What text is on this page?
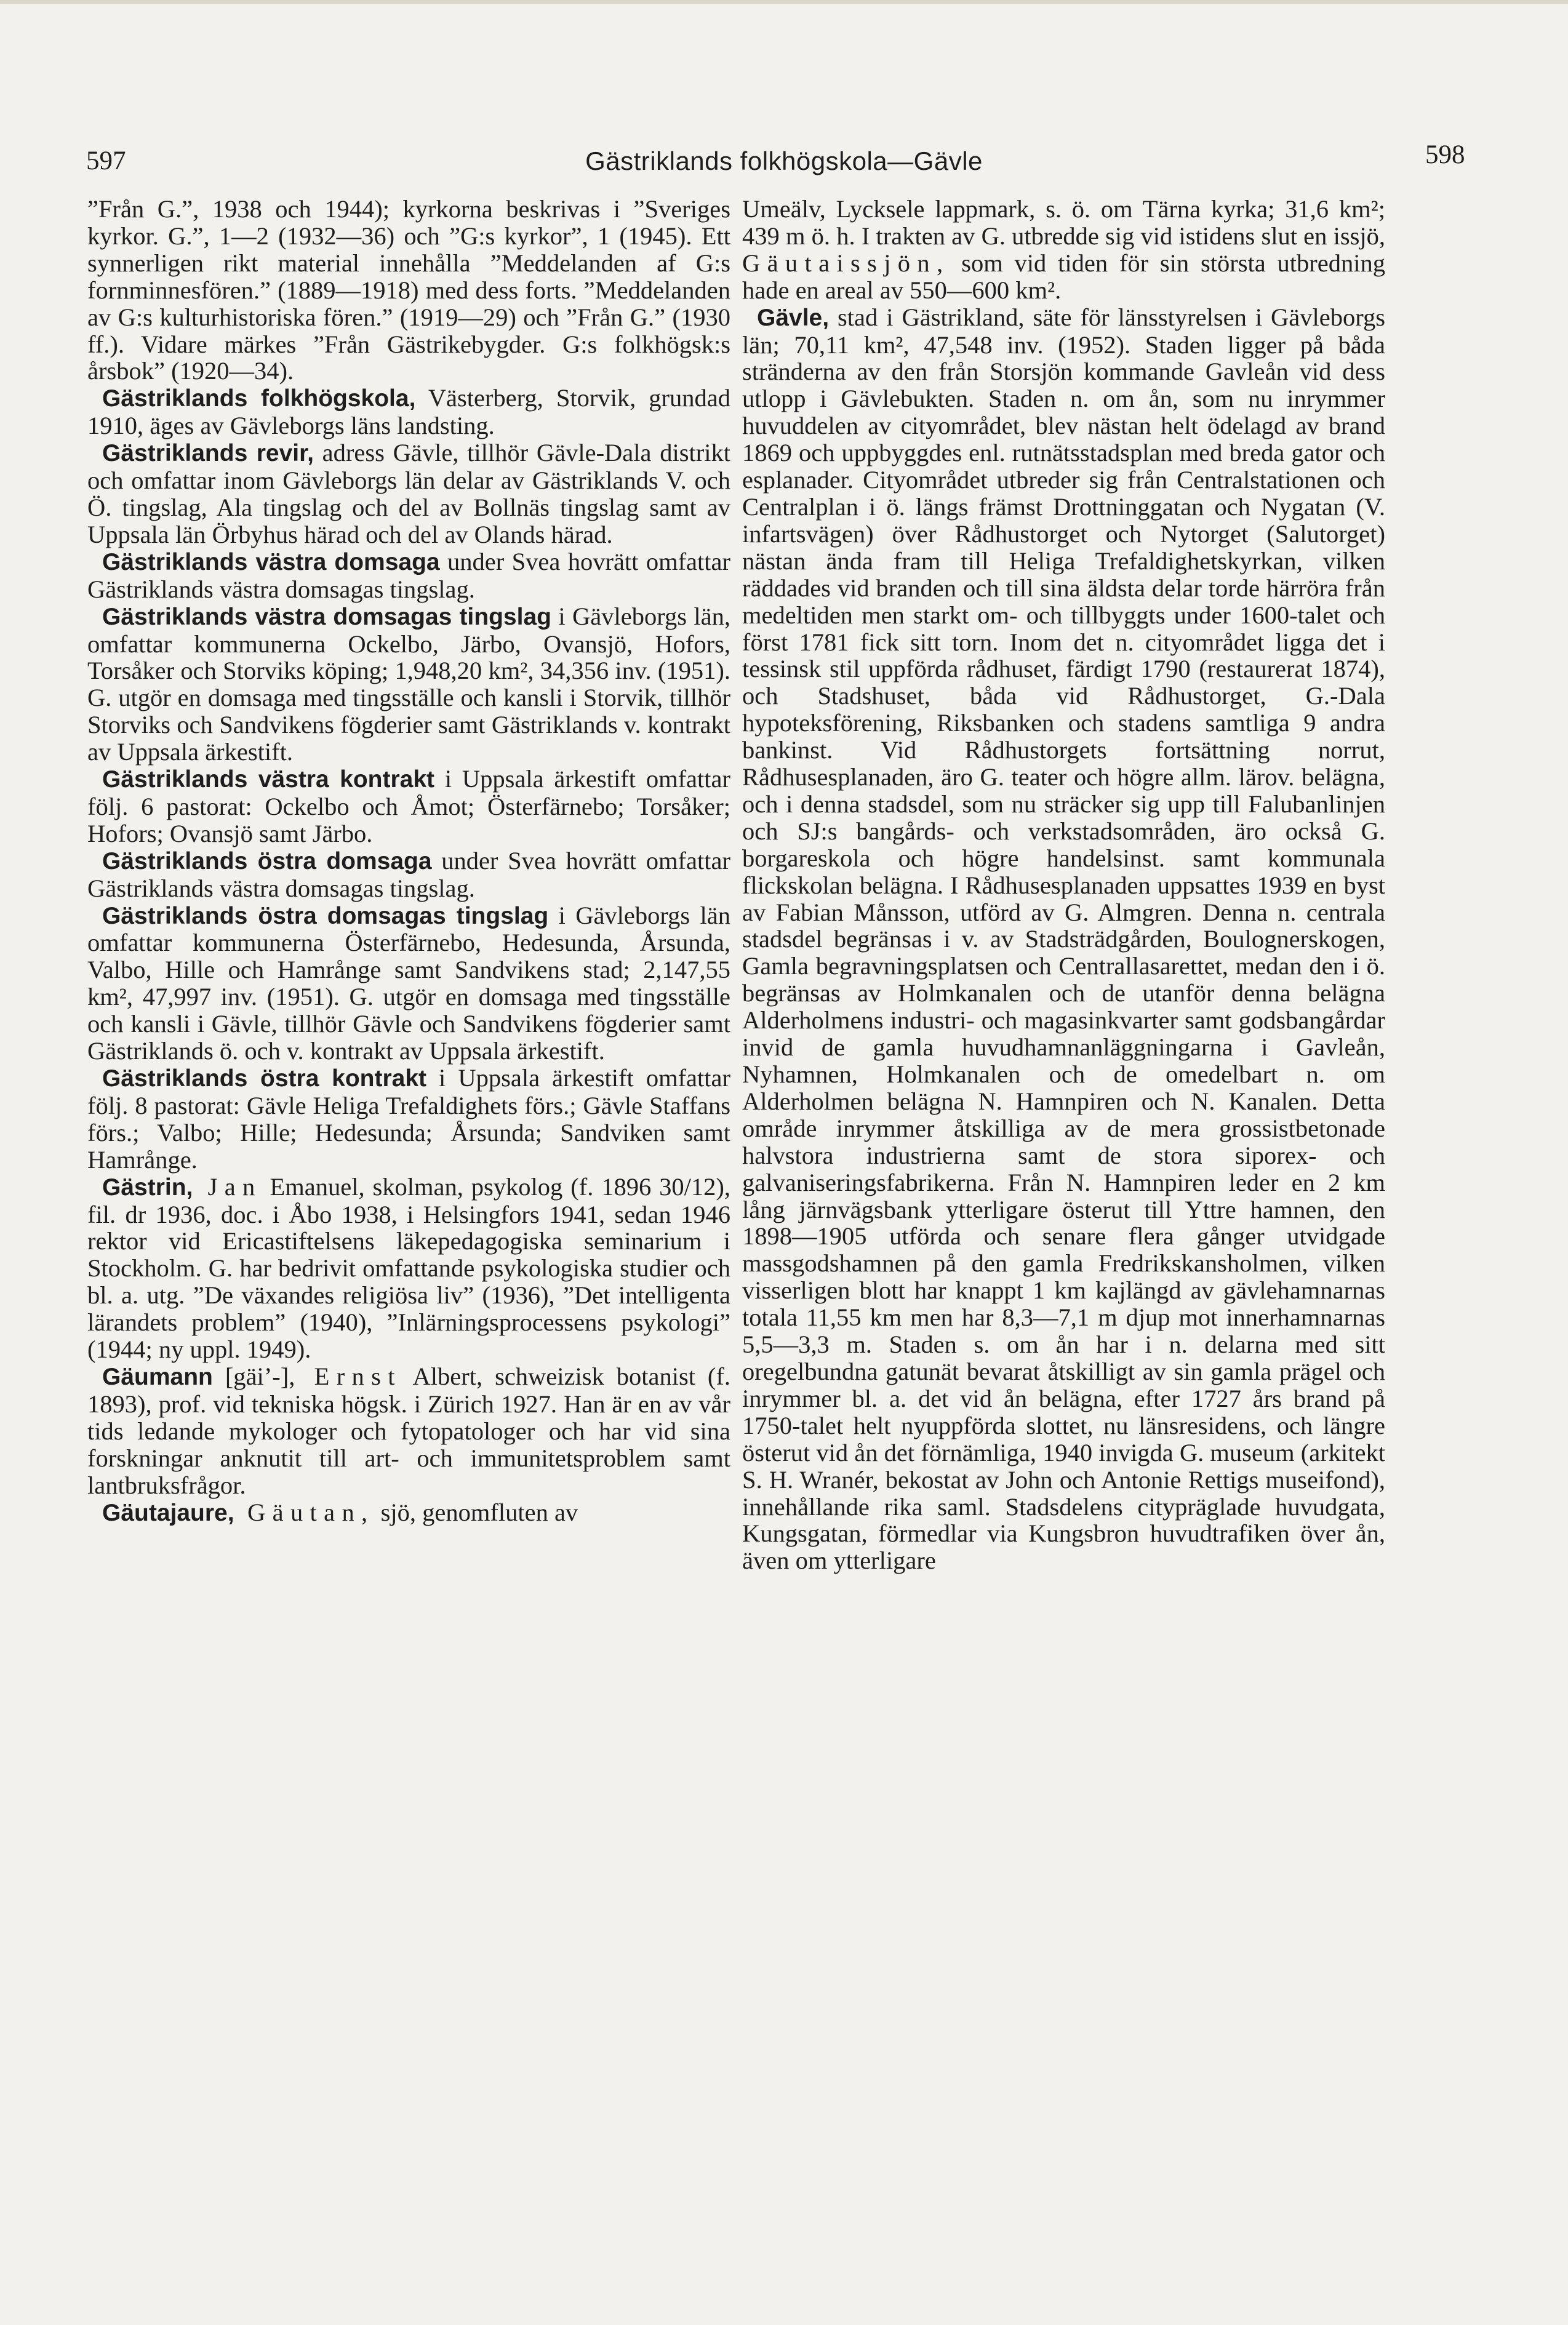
597	Gästriklands folkhögskola—Gävle	598

”Från G.”, 1938 och 1944); kyrkorna beskrivas i ”Sveriges kyrkor. G.”, 1—2 (1932—36) och ”G:s kyrkor”, 1 (1945). Ett synnerligen rikt material innehålla ”Meddelanden af G:s fornminnesfören.” (1889—1918) med dess forts. ”Meddelanden av G:s kulturhistoriska fören.” (1919—29) och ”Från G.” (1930 ff.). Vidare märkes ”Från Gästrikebygder. G:s folkhögsk:s årsbok” (1920—34).

Gästriklands folkhögskola, Västerberg, Storvik, grundad 1910, äges av Gävleborgs läns landsting.

Gästriklands revir, adress Gävle, tillhör Gävle-Dala distrikt och omfattar inom Gävleborgs län delar av Gästriklands V. och Ö. tingslag, Ala tingslag och del av Bollnäs tingslag samt av Uppsala län Örbyhus härad och del av Olands härad.

Gästriklands västra domsaga under Svea hovrätt omfattar Gästriklands västra domsagas tingslag.

Gästriklands västra domsagas tingslag i Gävleborgs län, omfattar kommunerna Ockelbo, Järbo, Ovansjö, Hofors, Torsåker och Storviks köping; 1,948,20 km², 34,356 inv. (1951). G. utgör en domsaga med tingsställe och kansli i Storvik, tillhör Storviks och Sandvikens fögderier samt Gästriklands v. kontrakt av Uppsala ärkestift.

Gästriklands västra kontrakt i Uppsala ärkestift omfattar följ. 6 pastorat: Ockelbo och Åmot; Österfärnebo; Torsåker; Hofors; Ovansjö samt Järbo.

Gästriklands östra domsaga under Svea hovrätt omfattar Gästriklands västra domsagas tingslag.

Gästriklands östra domsagas tingslag i Gävleborgs län omfattar kommunerna Österfärnebo, Hedesunda, Årsunda, Valbo, Hille och Hamrånge samt Sandvikens stad; 2,147,55 km², 47,997 inv. (1951). G. utgör en domsaga med tingsställe och kansli i Gävle, tillhör Gävle och Sandvikens fögderier samt Gästriklands ö. och v. kontrakt av Uppsala ärkestift.

Gästriklands östra kontrakt i Uppsala ärkestift omfattar följ. 8 pastorat: Gävle Heliga Trefaldighets förs.; Gävle Staffans förs.; Valbo; Hille; Hedesunda; Årsunda; Sandviken samt Hamrånge.

Gästrin, Jan Emanuel, skolman, psykolog (f. 1896 30/12), fil. dr 1936, doc. i Åbo 1938, i Helsingfors 1941, sedan 1946 rektor vid Ericastiftelsens läkepedagogiska seminarium i Stockholm. G. har bedrivit omfattande psykologiska studier och bl. a. utg. ”De växandes religiösa liv” (1936), ”Det intelligenta lärandets problem” (1940), ”Inlärningsprocessens psykologi” (1944; ny uppl. 1949).

Gäumann [gäi’-], Ernst Albert, schweizisk botanist (f. 1893), prof. vid tekniska högsk. i Zürich 1927. Han är en av vår tids ledande mykologer och fytopatologer och har vid sina forskningar anknutit till art- och immunitetsproblem samt lantbruksfrågor.

Gäutajaure, Gäutan, sjö, genomfluten av

Umeälv, Lycksele lappmark, s. ö. om Tärna kyrka; 31,6 km²; 439 m ö. h. I trakten av G. utbredde sig vid istidens slut en issjö, Gäutaissjön, som vid tiden för sin största utbredning hade en areal av 550—600 km².

Gävle, stad i Gästrikland, säte för länsstyrelsen i Gävleborgs län; 70,11 km², 47,548 inv. (1952). Staden ligger på båda stränderna av den från Storsjön kommande Gavleån vid dess utlopp i Gävlebukten. Staden n. om ån, som nu inrymmer huvuddelen av cityområdet, blev nästan helt ödelagd av brand 1869 och uppbyggdes enl. rutnätsstadsplan med breda gator och esplanader. Cityområdet utbreder sig från Centralstationen och Centralplan i ö. längs främst Drottninggatan och Nygatan (V. infartsvägen) över Rådhustorget och Nytorget (Salutorget) nästan ända fram till Heliga Trefaldighetskyrkan, vilken räddades vid branden och till sina äldsta delar torde härröra från medeltiden men starkt om- och tillbyggts under 1600-talet och först 1781 fick sitt torn. Inom det n. cityområdet ligga det i tessinsk stil uppförda rådhuset, färdigt 1790 (restaurerat 1874), och Stadshuset, båda vid Rådhustorget, G.-Dala hypoteksförening, Riksbanken och stadens samtliga 9 andra bankinst. Vid Rådhustorgets fortsättning norrut, Rådhusesplanaden, äro G. teater och högre allm. lärov. belägna, och i denna stadsdel, som nu sträcker sig upp till Falubanlinjen och SJ:s bangårds- och verkstadsområden, äro också G. borgareskola och högre handelsinst. samt kommunala flickskolan belägna. I Rådhusesplanaden uppsattes 1939 en byst av Fabian Månsson, utförd av G. Almgren. Denna n. centrala stadsdel begränsas i v. av Stadsträdgården, Boulognerskogen, Gamla begravningsplatsen och Centrallasarettet, medan den i ö. begränsas av Holmkanalen och de utanför denna belägna Alderholmens industri- och magasinkvarter samt godsbangårdar invid de gamla huvudhamnanläggningarna i Gavleån, Nyhamnen, Holmkanalen och de omedelbart n. om Alderholmen belägna N. Hamnpiren och N. Kanalen. Detta område inrymmer åtskilliga av de mera grossistbetonade halvstora industrierna samt de stora siporex- och galvaniseringsfabrikerna. Från N. Hamnpiren leder en 2 km lång järnvägsbank ytterligare österut till Yttre hamnen, den 1898—1905 utförda och senare flera gånger utvidgade massgodshamnen på den gamla Fredrikskansholmen, vilken visserligen blott har knappt 1 km kajlängd av gävlehamnarnas totala 11,55 km men har 8,3—7,1 m djup mot innerhamnarnas 5,5—3,3 m. Staden s. om ån har i n. delarna med sitt oregelbundna gatunät bevarat åtskilligt av sin gamla prägel och inrymmer bl. a. det vid ån belägna, efter 1727 års brand på 1750-talet helt nyuppförda slottet, nu länsresidens, och längre österut vid ån det förnämliga, 1940 invigda G. museum (arkitekt S. H. Wranér, bekostat av John och Antonie Rettigs museifond), innehållande rika saml. Stadsdelens citypräglade huvudgata, Kungsgatan, förmedlar via Kungsbron huvudtrafiken över ån, även om ytterligare
